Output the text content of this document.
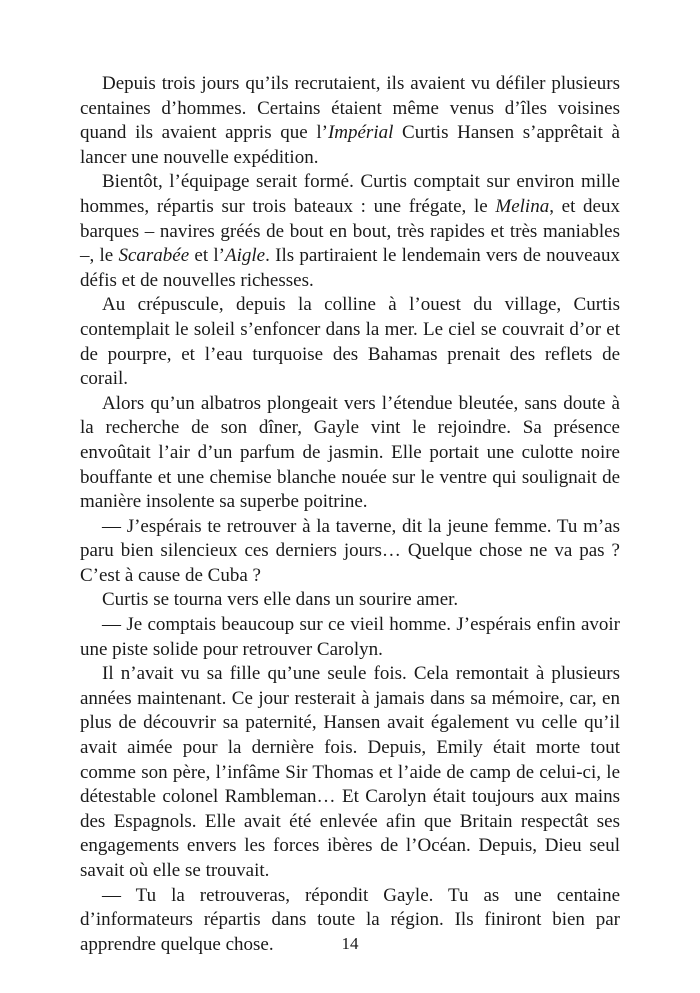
Depuis trois jours qu’ils recrutaient, ils avaient vu défiler plusieurs centaines d’hommes. Certains étaient même venus d’îles voisines quand ils avaient appris que l’Impérial Curtis Hansen s’apprêtait à lancer une nouvelle expédition.

Bientôt, l’équipage serait formé. Curtis comptait sur environ mille hommes, répartis sur trois bateaux : une frégate, le Melina, et deux barques – navires gréés de bout en bout, très rapides et très maniables –, le Scarabée et l’Aigle. Ils partiraient le lendemain vers de nouveaux défis et de nouvelles richesses.

Au crépuscule, depuis la colline à l’ouest du village, Curtis contemplait le soleil s’enfoncer dans la mer. Le ciel se couvrait d’or et de pourpre, et l’eau turquoise des Bahamas prenait des reflets de corail.

Alors qu’un albatros plongeait vers l’étendue bleutée, sans doute à la recherche de son dîner, Gayle vint le rejoindre. Sa présence envoûtait l’air d’un parfum de jasmin. Elle portait une culotte noire bouffante et une chemise blanche nouée sur le ventre qui soulignait de manière insolente sa superbe poitrine.

— J’espérais te retrouver à la taverne, dit la jeune femme. Tu m’as paru bien silencieux ces derniers jours… Quelque chose ne va pas ? C’est à cause de Cuba ?

Curtis se tourna vers elle dans un sourire amer.

— Je comptais beaucoup sur ce vieil homme. J’espérais enfin avoir une piste solide pour retrouver Carolyn.

Il n’avait vu sa fille qu’une seule fois. Cela remontait à plusieurs années maintenant. Ce jour resterait à jamais dans sa mémoire, car, en plus de découvrir sa paternité, Hansen avait également vu celle qu’il avait aimée pour la dernière fois. Depuis, Emily était morte tout comme son père, l’infâme Sir Thomas et l’aide de camp de celui-ci, le détestable colonel Rambleman… Et Carolyn était toujours aux mains des Espagnols. Elle avait été enlevée afin que Britain respectât ses engagements envers les forces ibères de l’Océan. Depuis, Dieu seul savait où elle se trouvait.

— Tu la retrouveras, répondit Gayle. Tu as une centaine d’informateurs répartis dans toute la région. Ils finiront bien par apprendre quelque chose.	14
